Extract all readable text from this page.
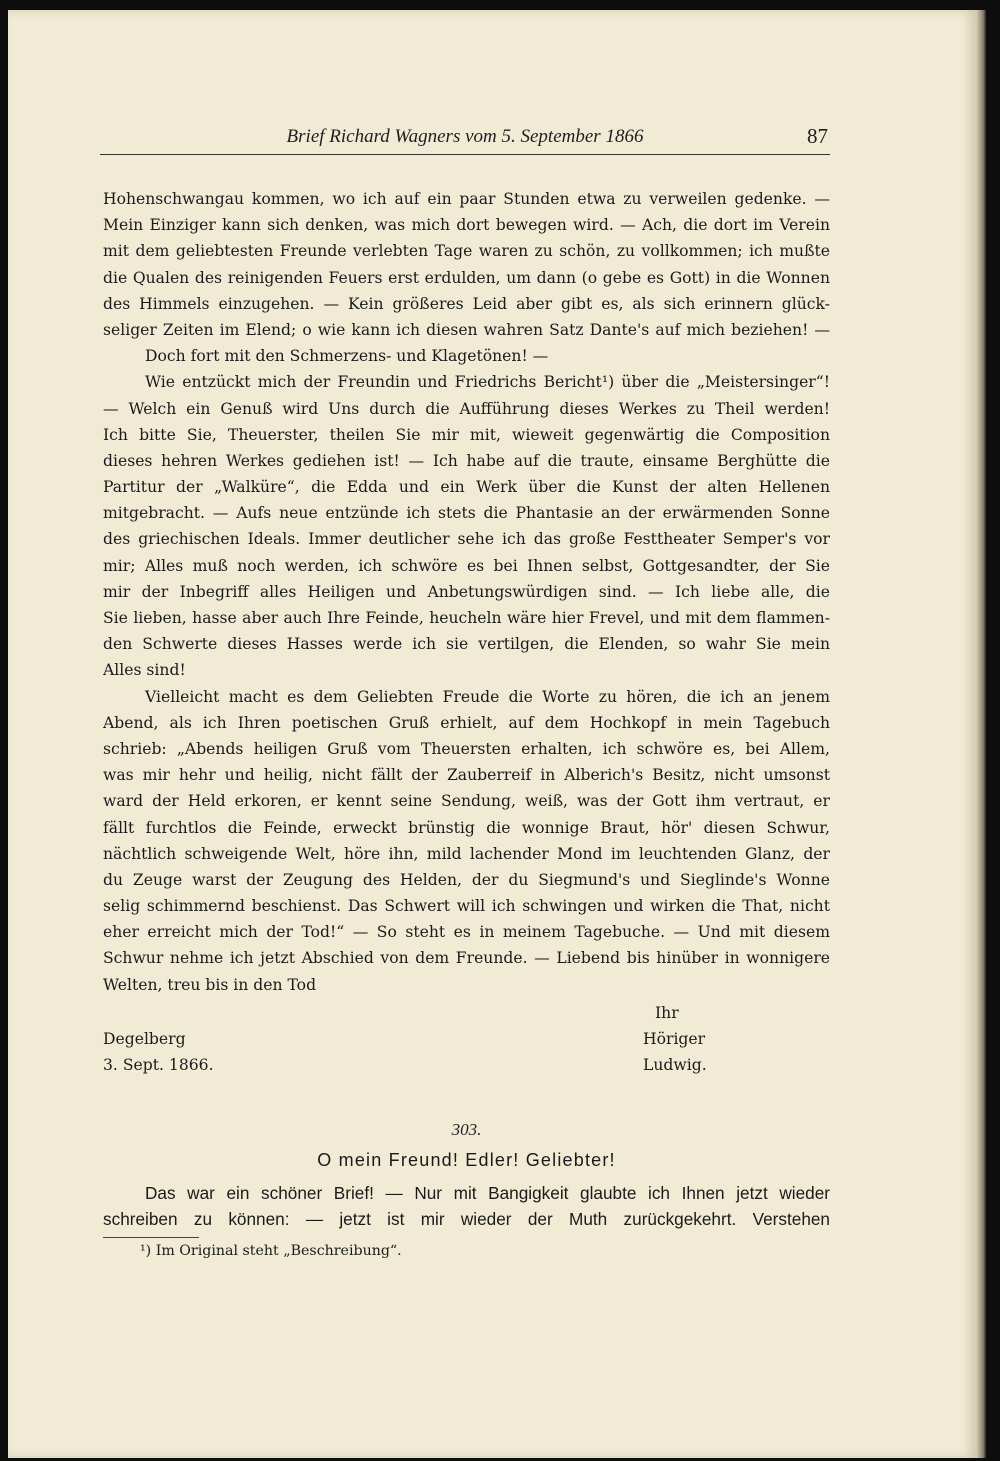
Brief Richard Wagners vom 5. September 1866	87
Hohenschwangau kommen, wo ich auf ein paar Stunden etwa zu verweilen gedenke. —
Mein Einziger kann sich denken, was mich dort bewegen wird. — Ach, die dort im Verein
mit dem geliebtesten Freunde verlebten Tage waren zu schön, zu vollkommen; ich mußte
die Qualen des reinigenden Feuers erst erdulden, um dann (o gebe es Gott) in die Wonnen
des Himmels einzugehen. — Kein größeres Leid aber gibt es, als sich erinnern glück-
seliger Zeiten im Elend; o wie kann ich diesen wahren Satz Dante's auf mich beziehen! —
Doch fort mit den Schmerzens- und Klagetönen! —
Wie entzückt mich der Freundin und Friedrichs Bericht¹) über die „Meistersinger“!
— Welch ein Genuß wird Uns durch die Aufführung dieses Werkes zu Theil werden!
Ich bitte Sie, Theuerster, theilen Sie mir mit, wieweit gegenwärtig die Composition
dieses hehren Werkes gediehen ist! — Ich habe auf die traute, einsame Berghütte die
Partitur der „Walküre“, die Edda und ein Werk über die Kunst der alten Hellenen
mitgebracht. — Aufs neue entzünde ich stets die Phantasie an der erwärmenden Sonne
des griechischen Ideals. Immer deutlicher sehe ich das große Festtheater Semper's vor
mir; Alles muß noch werden, ich schwöre es bei Ihnen selbst, Gottgesandter, der Sie
mir der Inbegriff alles Heiligen und Anbetungswürdigen sind. — Ich liebe alle, die
Sie lieben, hasse aber auch Ihre Feinde, heucheln wäre hier Frevel, und mit dem flammen-
den Schwerte dieses Hasses werde ich sie vertilgen, die Elenden, so wahr Sie mein
Alles sind!
Vielleicht macht es dem Geliebten Freude die Worte zu hören, die ich an jenem
Abend, als ich Ihren poetischen Gruß erhielt, auf dem Hochkopf in mein Tagebuch
schrieb: „Abends heiligen Gruß vom Theuersten erhalten, ich schwöre es, bei Allem,
was mir hehr und heilig, nicht fällt der Zauberreif in Alberich's Besitz, nicht umsonst
ward der Held erkoren, er kennt seine Sendung, weiß, was der Gott ihm vertraut, er
fällt furchtlos die Feinde, erweckt brünstig die wonnige Braut, hör' diesen Schwur,
nächtlich schweigende Welt, höre ihn, mild lachender Mond im leuchtenden Glanz, der
du Zeuge warst der Zeugung des Helden, der du Siegmund's und Sieglinde's Wonne
selig schimmernd beschienst. Das Schwert will ich schwingen und wirken die That, nicht
eher erreicht mich der Tod!“ — So steht es in meinem Tagebuche. — Und mit diesem
Schwur nehme ich jetzt Abschied von dem Freunde. — Liebend bis hinüber in wonnigere
Welten, treu bis in den Tod
Ihr
Höriger
Ludwig.
Degelberg
3. Sept. 1866.
303.
O mein Freund! Edler! Geliebter!
Das war ein schöner Brief! — Nur mit Bangigkeit glaubte ich Ihnen jetzt wieder
schreiben zu können: — jetzt ist mir wieder der Muth zurückgekehrt. Verstehen
¹) Im Original steht „Beschreibung“.
